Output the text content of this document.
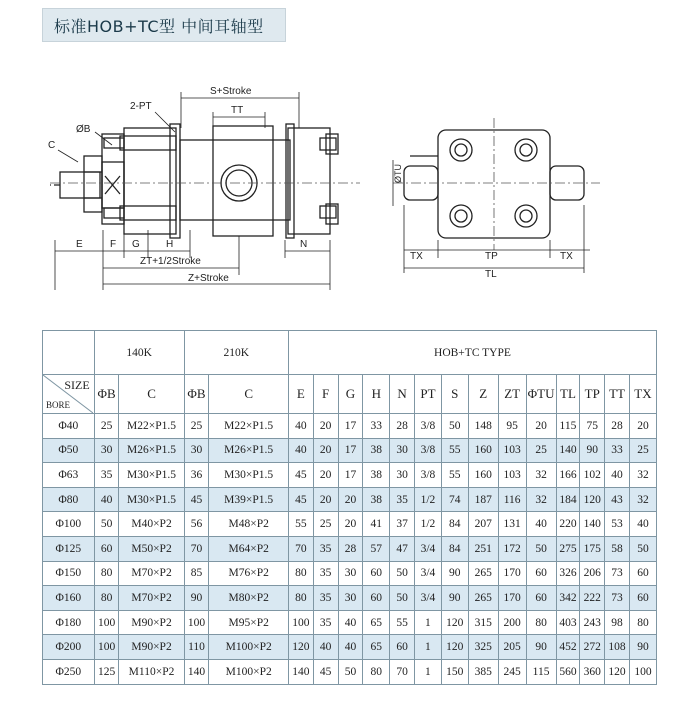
标准HOB+TC型 中间耳轴型
S+Stroke
TT
2-PT
ØB
C
E	F G	H	N
ZT+1/2Stroke
Z+Stroke
ØTU
TX	TP	TX
TL
	140K		210K		HOB+TC TYPE													

SIZE
BORE	ΦB	C	ΦB	C	E	F	G	H	N	PT	S	Z	ZT	ΦTU	TL	TP	TT	TX
Φ40	25	M22×P1.5	25	M22×P1.5	40	20	17	33	28	3/8	50	148	95	20	115	75	28	20
Φ50	30	M26×P1.5	30	M26×P1.5	40	20	17	38	30	3/8	55	160	103	25	140	90	33	25
Φ63	35	M30×P1.5	36	M30×P1.5	45	20	17	38	30	3/8	55	160	103	32	166	102	40	32
Φ80	40	M30×P1.5	45	M39×P1.5	45	20	20	38	35	1/2	74	187	116	32	184	120	43	32
Φ100	50	M40×P2	56	M48×P2	55	25	20	41	37	1/2	84	207	131	40	220	140	53	40
Φ125	60	M50×P2	70	M64×P2	70	35	28	57	47	3/4	84	251	172	50	275	175	58	50
Φ150	80	M70×P2	85	M76×P2	80	35	30	60	50	3/4	90	265	170	60	326	206	73	60
Φ160	80	M70×P2	90	M80×P2	80	35	30	60	50	3/4	90	265	170	60	342	222	73	60
Φ180	100	M90×P2	100	M95×P2	100	35	40	65	55	1	120	315	200	80	403	243	98	80
Φ200	100	M90×P2	110	M100×P2	120	40	40	65	60	1	120	325	205	90	452	272	108	90
Φ250	125	M110×P2	140	M100×P2	140	45	50	80	70	1	150	385	245	115	560	360	120	100
